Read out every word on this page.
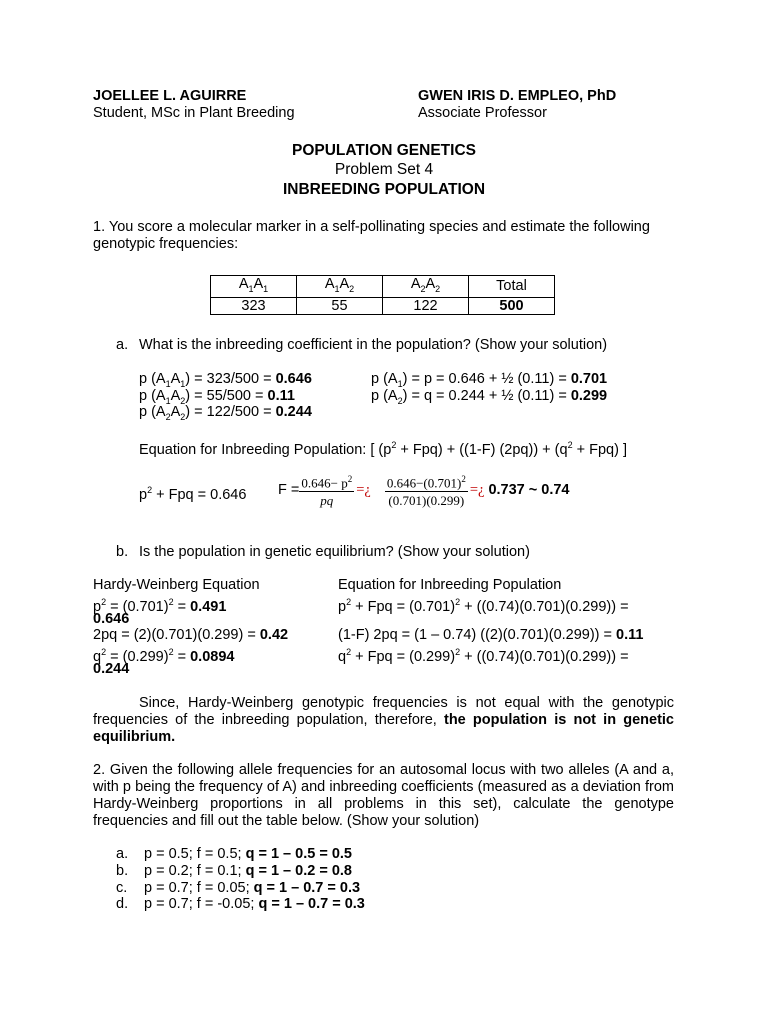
JOELLEE L. AGUIRRE
Student, MSc in Plant Breeding
GWEN IRIS D. EMPLEO, PhD
Associate Professor
POPULATION GENETICS
Problem Set 4
INBREEDING POPULATION
1. You score a molecular marker in a self-pollinating species and estimate the following genotypic frequencies:
$A_1A_1$	$A_1A_2$	$A_2A_2$	Total
323	55	122	500
a. What is the inbreeding coefficient in the population? (Show your solution)
p $(A_1A_1) = 323/500 = 0.646$
p $(A_1A_2) = 55/500 = 0.11$
p $(A_2A_2) = 122/500 = 0.244$
p $(A_1) = p = 0.646$ + ½ (0.11) = 0.701
p $(A_2) = q = 0.244$ + ½ (0.11) = 0.299
Equation for Inbreeding Population: [ $(p^2 + Fpq) + ((1-F) (2pq)) + (q^2 + Fpq)$ ]
$p^2$ + Fpq = 0.646 $F = \frac{0.646- p^2}{pq}$ =¿ $\frac{0.646-(0.701)^2}{(0.701)(0.299)}$ =¿ 0.737 ~ 0.74
b. Is the population in genetic equilibrium? (Show your solution)
Hardy-Weinberg Equation	Equation for Inbreeding Population
$p^2 = (0.701)^2 = 0.491$	$p^2$ + Fpq = $(0.701)^2 + ((0.74)(0.701)(0.299))$ =
0.646
2pq = (2)(0.701)(0.299) = 0.42	(1-F) 2pq = (1 – 0.74) ((2)(0.701)(0.299)) = 0.11
$q^2 = (0.299)^2 = 0.0894$	$q^2$ + Fpq = $(0.299)^2 + ((0.74)(0.701)(0.299))$ =
0.244
Since, Hardy-Weinberg genotypic frequencies is not equal with the genotypic frequencies of the inbreeding population, therefore, the population is not in genetic equilibrium.
2. Given the following allele frequencies for an autosomal locus with two alleles (A and a, with p being the frequency of A) and inbreeding coefficients (measured as a deviation from Hardy-Weinberg proportions in all problems in this set), calculate the genotype frequencies and fill out the table below. (Show your solution)
a. p = 0.5; f = 0.5; q = 1 – 0.5 = 0.5
b. p = 0.2; f = 0.1; q = 1 – 0.2 = 0.8
c. p = 0.7; f = 0.05; q = 1 – 0.7 = 0.3
d. p = 0.7; f = -0.05; q = 1 – 0.7 = 0.3
